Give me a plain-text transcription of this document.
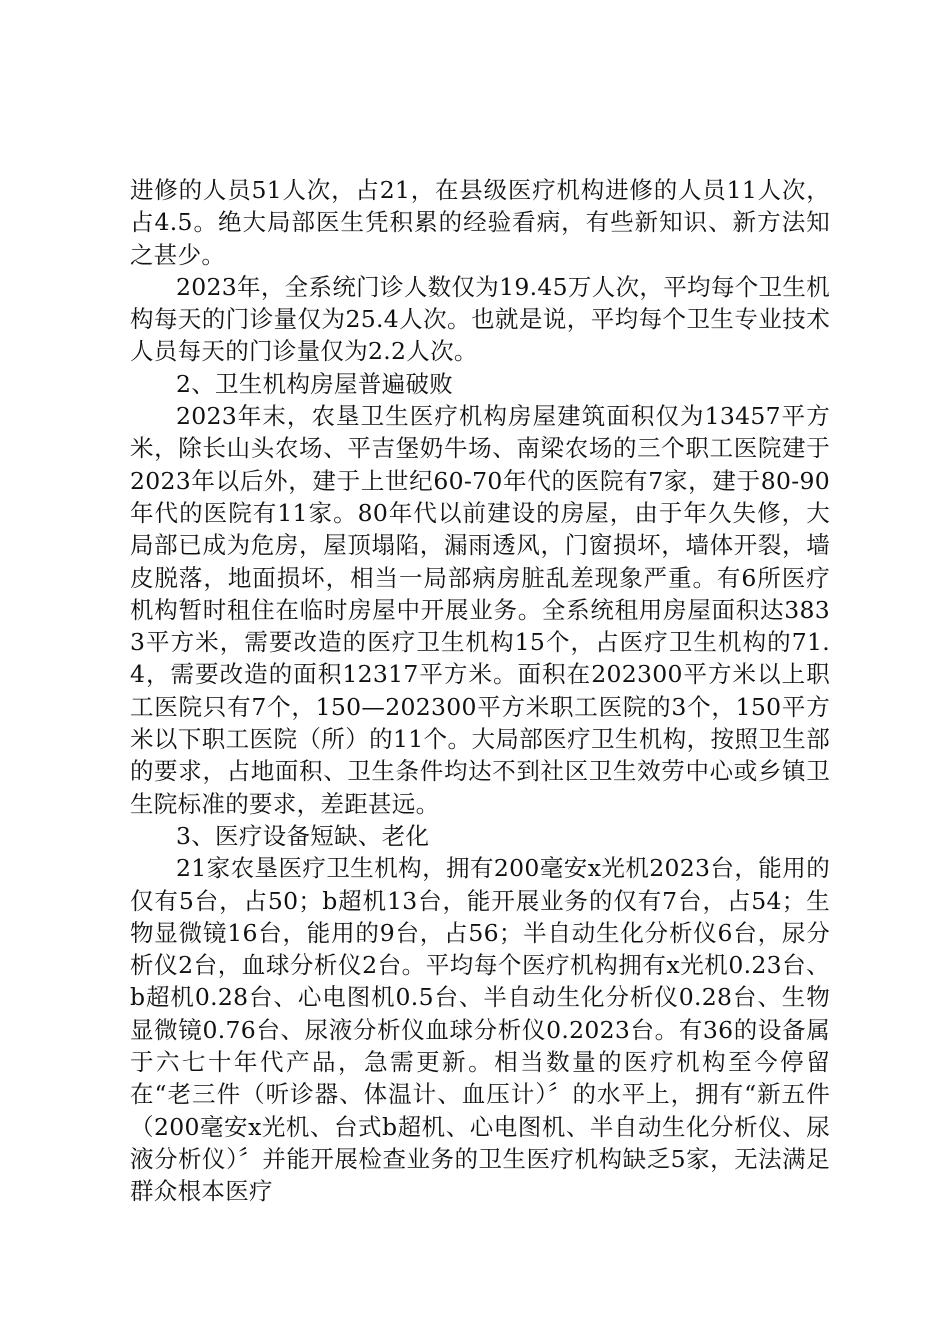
进修的人员51人次，占21，在县级医疗机构进修的人员11人次，占4.5。绝大局部医生凭积累的经验看病，有些新知识、新方法知之甚少。

2023年，全系统门诊人数仅为19.45万人次，平均每个卫生机构每天的门诊量仅为25.4人次。也就是说，平均每个卫生专业技术人员每天的门诊量仅为2.2人次。

2、卫生机构房屋普遍破败

2023年末，农垦卫生医疗机构房屋建筑面积仅为13457平方米，除长山头农场、平吉堡奶牛场、南梁农场的三个职工医院建于2023年以后外，建于上世纪60-70年代的医院有7家，建于80-90年代的医院有11家。80年代以前建设的房屋，由于年久失修，大局部已成为危房，屋顶塌陷，漏雨透风，门窗损坏，墙体开裂，墙皮脱落，地面损坏，相当一局部病房脏乱差现象严重。有6所医疗机构暂时租住在临时房屋中开展业务。全系统租用房屋面积达3833平方米，需要改造的医疗卫生机构15个，占医疗卫生机构的71.4，需要改造的面积12317平方米。面积在202300平方米以上职工医院只有7个，150—202300平方米职工医院的3个，150平方米以下职工医院（所）的11个。大局部医疗卫生机构，按照卫生部的要求，占地面积、卫生条件均达不到社区卫生效劳中心或乡镇卫生院标准的要求，差距甚远。

3、医疗设备短缺、老化

21家农垦医疗卫生机构，拥有200毫安x光机2023台，能用的仅有5台，占50；b超机13台，能开展业务的仅有7台，占54；生物显微镜16台，能用的9台，占56；半自动生化分析仪6台，尿分析仪2台，血球分析仪2台。平均每个医疗机构拥有x光机0.23台、b超机0.28台、心电图机0.5台、半自动生化分析仪0.28台、生物显微镜0.76台、尿液分析仪血球分析仪0.2023台。有36的设备属于六七十年代产品，急需更新。相当数量的医疗机构至今停留在“老三件（听诊器、体温计、血压计）〞的水平上，拥有“新五件（200毫安x光机、台式b超机、心电图机、半自动生化分析仪、尿液分析仪）〞并能开展检查业务的卫生医疗机构缺乏5家，无法满足群众根本医疗
